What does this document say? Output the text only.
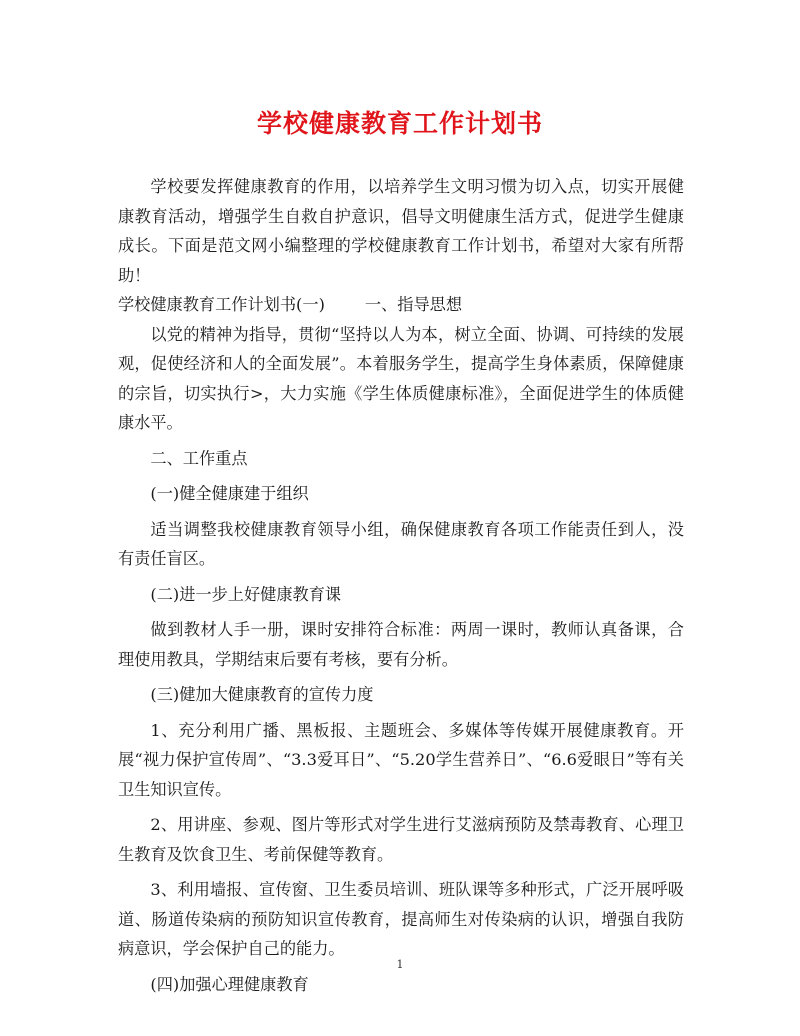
学校健康教育工作计划书

学校要发挥健康教育的作用，以培养学生文明习惯为切入点，切实开展健康教育活动，增强学生自救自护意识，倡导文明健康生活方式，促进学生健康成长。下面是范文网小编整理的学校健康教育工作计划书，希望对大家有所帮助！

学校健康教育工作计划书(一) 一、指导思想

以党的精神为指导，贯彻“坚持以人为本，树立全面、协调、可持续的发展观，促使经济和人的全面发展”。本着服务学生，提高学生身体素质，保障健康的宗旨，切实执行>，大力实施《学生体质健康标准》，全面促进学生的体质健康水平。

二、工作重点

(一)健全健康建于组织

适当调整我校健康教育领导小组，确保健康教育各项工作能责任到人，没有责任盲区。

(二)进一步上好健康教育课

做到教材人手一册，课时安排符合标准：两周一课时，教师认真备课，合理使用教具，学期结束后要有考核，要有分析。

(三)健加大健康教育的宣传力度

1、充分利用广播、黑板报、主题班会、多媒体等传媒开展健康教育。开展“视力保护宣传周”、“3.3爱耳日”、“5.20学生营养日”、“6.6爱眼日”等有关卫生知识宣传。

2、用讲座、参观、图片等形式对学生进行艾滋病预防及禁毒教育、心理卫生教育及饮食卫生、考前保健等教育。

3、利用墙报、宣传窗、卫生委员培训、班队课等多种形式，广泛开展呼吸道、肠道传染病的预防知识宣传教育，提高师生对传染病的认识，增强自我防病意识，学会保护自己的能力。

(四)加强心理健康教育

1
